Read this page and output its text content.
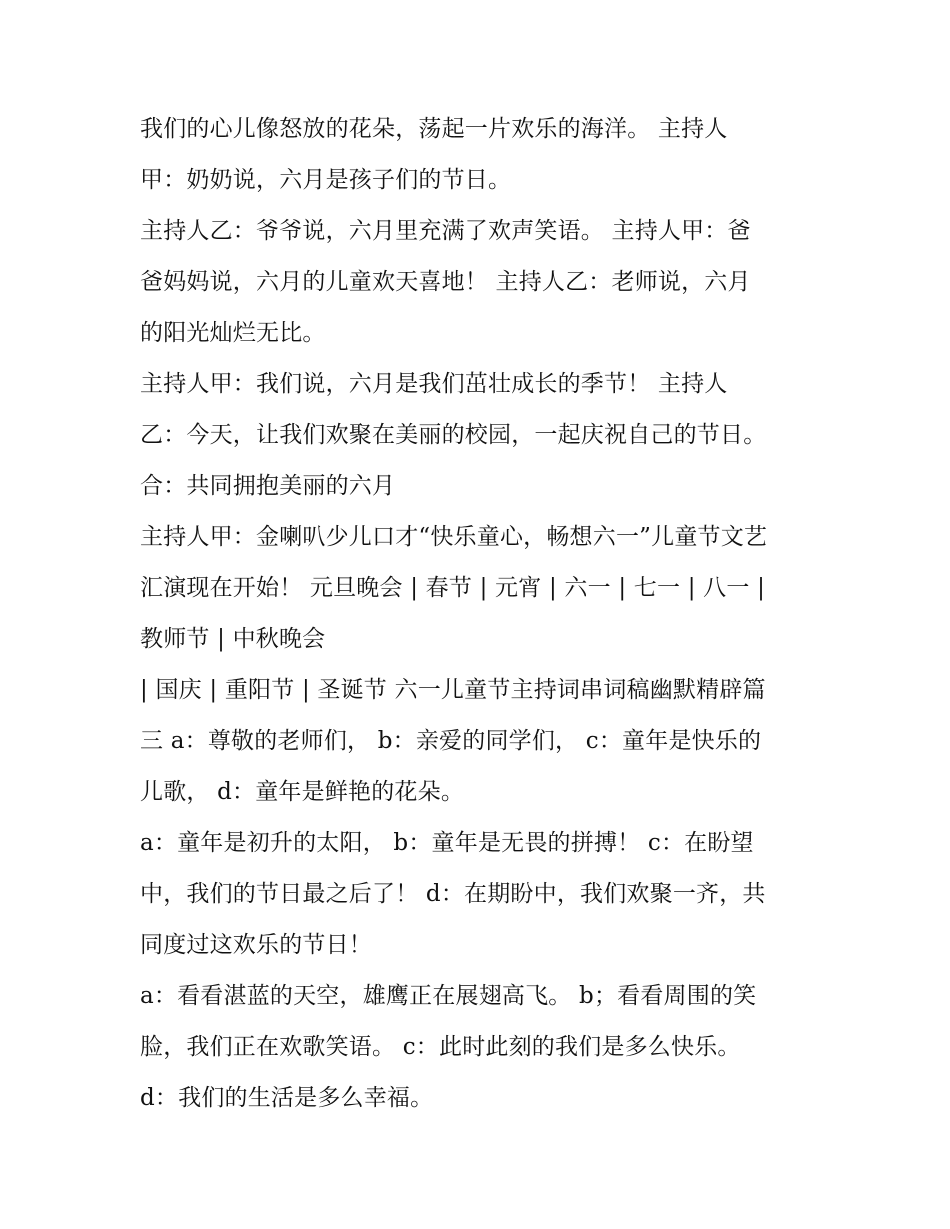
我们的心儿像怒放的花朵，荡起一片欢乐的海洋。 主持人
甲：奶奶说，六月是孩子们的节日。
主持人乙：爷爷说，六月里充满了欢声笑语。 主持人甲：爸
爸妈妈说，六月的儿童欢天喜地！ 主持人乙：老师说，六月
的阳光灿烂无比。
主持人甲：我们说，六月是我们茁壮成长的季节！ 主持人
乙：今天，让我们欢聚在美丽的校园，一起庆祝自己的节日。
合：共同拥抱美丽的六月
主持人甲：金喇叭少儿口才“快乐童心，畅想六一”儿童节文艺
汇演现在开始！ 元旦晚会 | 春节 | 元宵 | 六一 | 七一 | 八一 |
教师节 | 中秋晚会
| 国庆 | 重阳节 | 圣诞节 六一儿童节主持词串词稿幽默精辟篇
三 a：尊敬的老师们， b：亲爱的同学们， c：童年是快乐的
儿歌， d：童年是鲜艳的花朵。
a：童年是初升的太阳， b：童年是无畏的拼搏！ c：在盼望
中，我们的节日最之后了！ d：在期盼中，我们欢聚一齐，共
同度过这欢乐的节日！
a：看看湛蓝的天空，雄鹰正在展翅高飞。 b；看看周围的笑
脸，我们正在欢歌笑语。 c：此时此刻的我们是多么快乐。
d：我们的生活是多么幸福。
